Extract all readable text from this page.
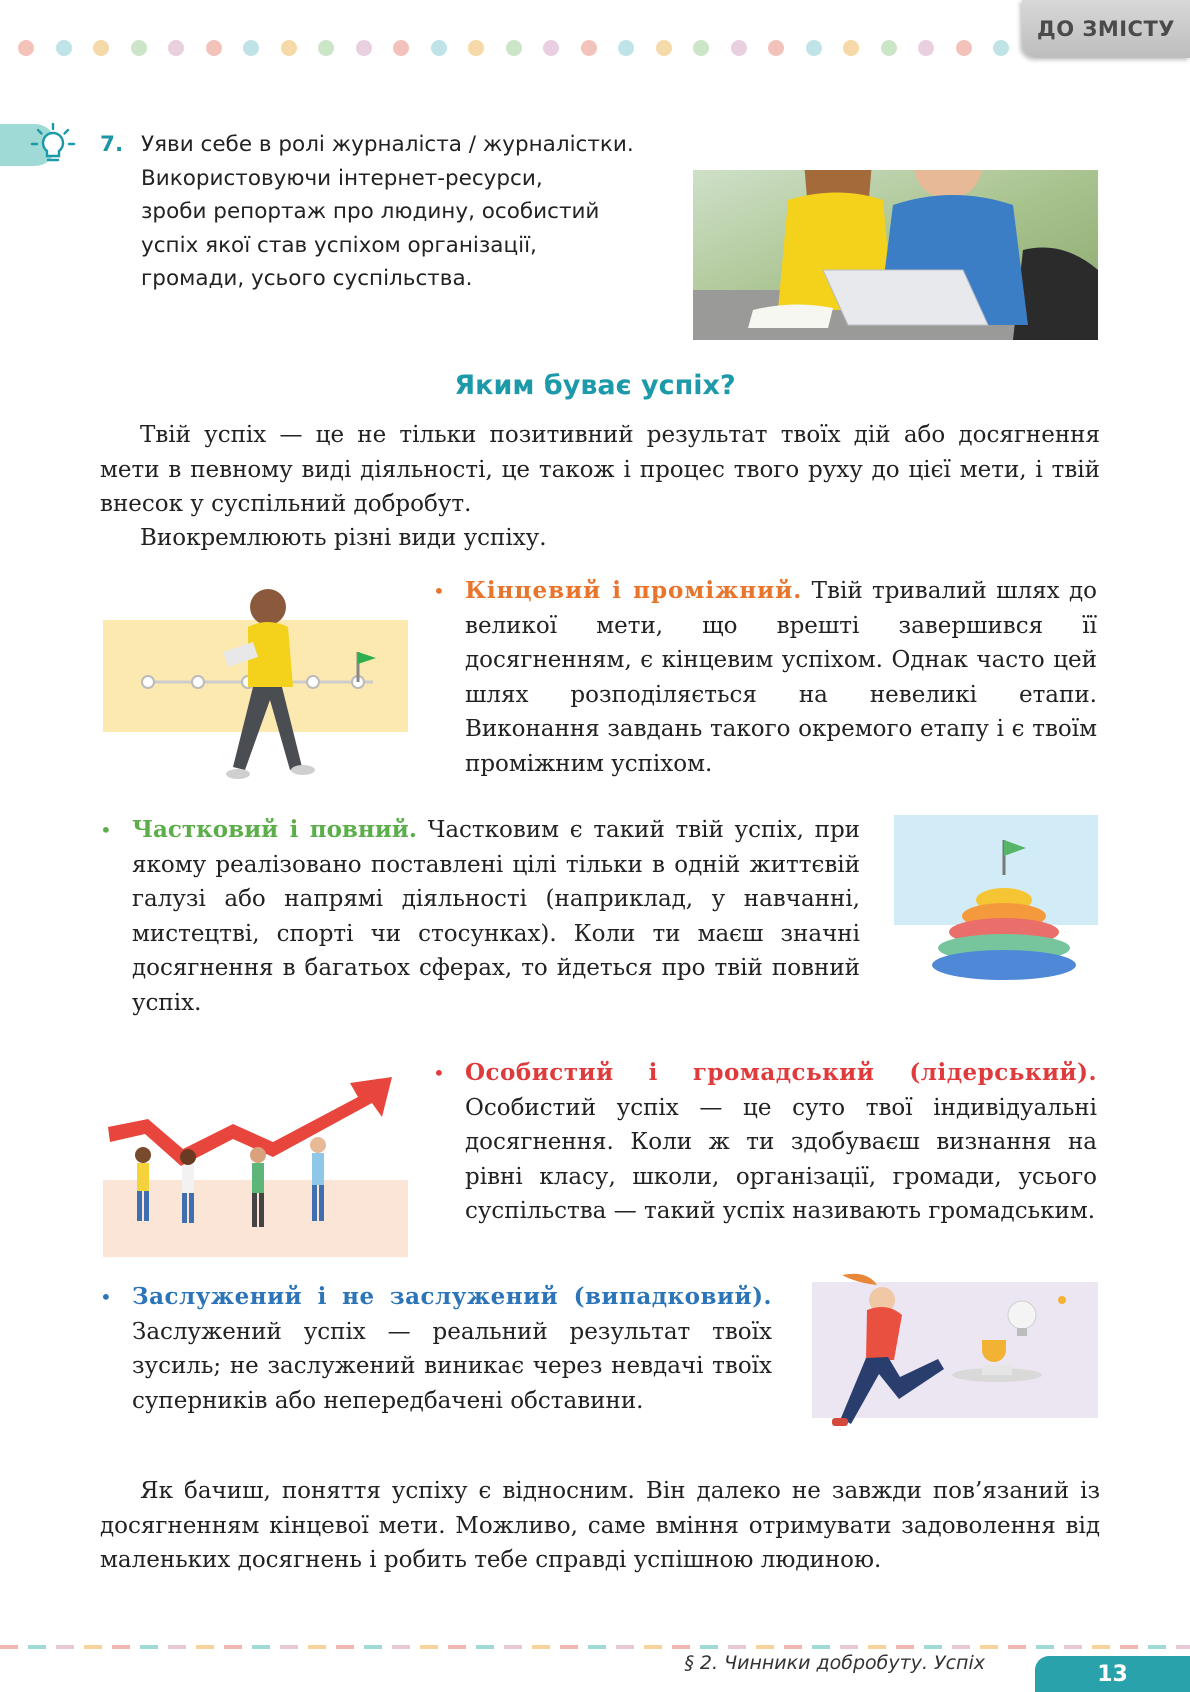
ДО ЗМІСТУ
7. Уяви себе в ролі журналіста / журналістки.
Використовуючи інтернет-ресурси,
зроби репортаж про людину, особистий
успіх якої став успіхом організації,
громади, усього суспільства.
Яким буває успіх?
Твій успіх — це не тільки позитивний результат твоїх дій або досягнення мети в певному виді діяльності, це також і процес твого руху до цієї мети, і твій внесок у суспільний добробут.
Виокремлюють різні види успіху.
• Кінцевий і проміжний. Твій тривалий шлях до великої мети, що врешті завершився її досягненням, є кінцевим успіхом. Однак часто цей шлях розподіляється на невеликі етапи. Виконання завдань такого окремого етапу і є твоїм проміжним успіхом.
• Частковий і повний. Частковим є такий твій успіх, при якому реалізовано поставлені цілі тільки в одній життєвій галузі або напрямі діяльності (наприклад, у навчанні, мистецтві, спорті чи стосунках). Коли ти маєш значні досягнення в багатьох сферах, то йдеться про твій повний успіх.
• Особистий і громадський (лідерський). Особистий успіх — це суто твої індивідуальні досягнення. Коли ж ти здобуваєш визнання на рівні класу, школи, організації, громади, усього суспільства — такий успіх називають громадським.
• Заслужений і не заслужений (випадковий). Заслужений успіх — реальний результат твоїх зусиль; не заслужений виникає через невдачі твоїх суперників або непередбачені обставини.
Як бачиш, поняття успіху є відносним. Він далеко не завжди пов’язаний із досягненням кінцевої мети. Можливо, саме вміння отримувати задоволення від маленьких досягнень і робить тебе справді успішною людиною.
§ 2. Чинники добробуту. Успіх	13
